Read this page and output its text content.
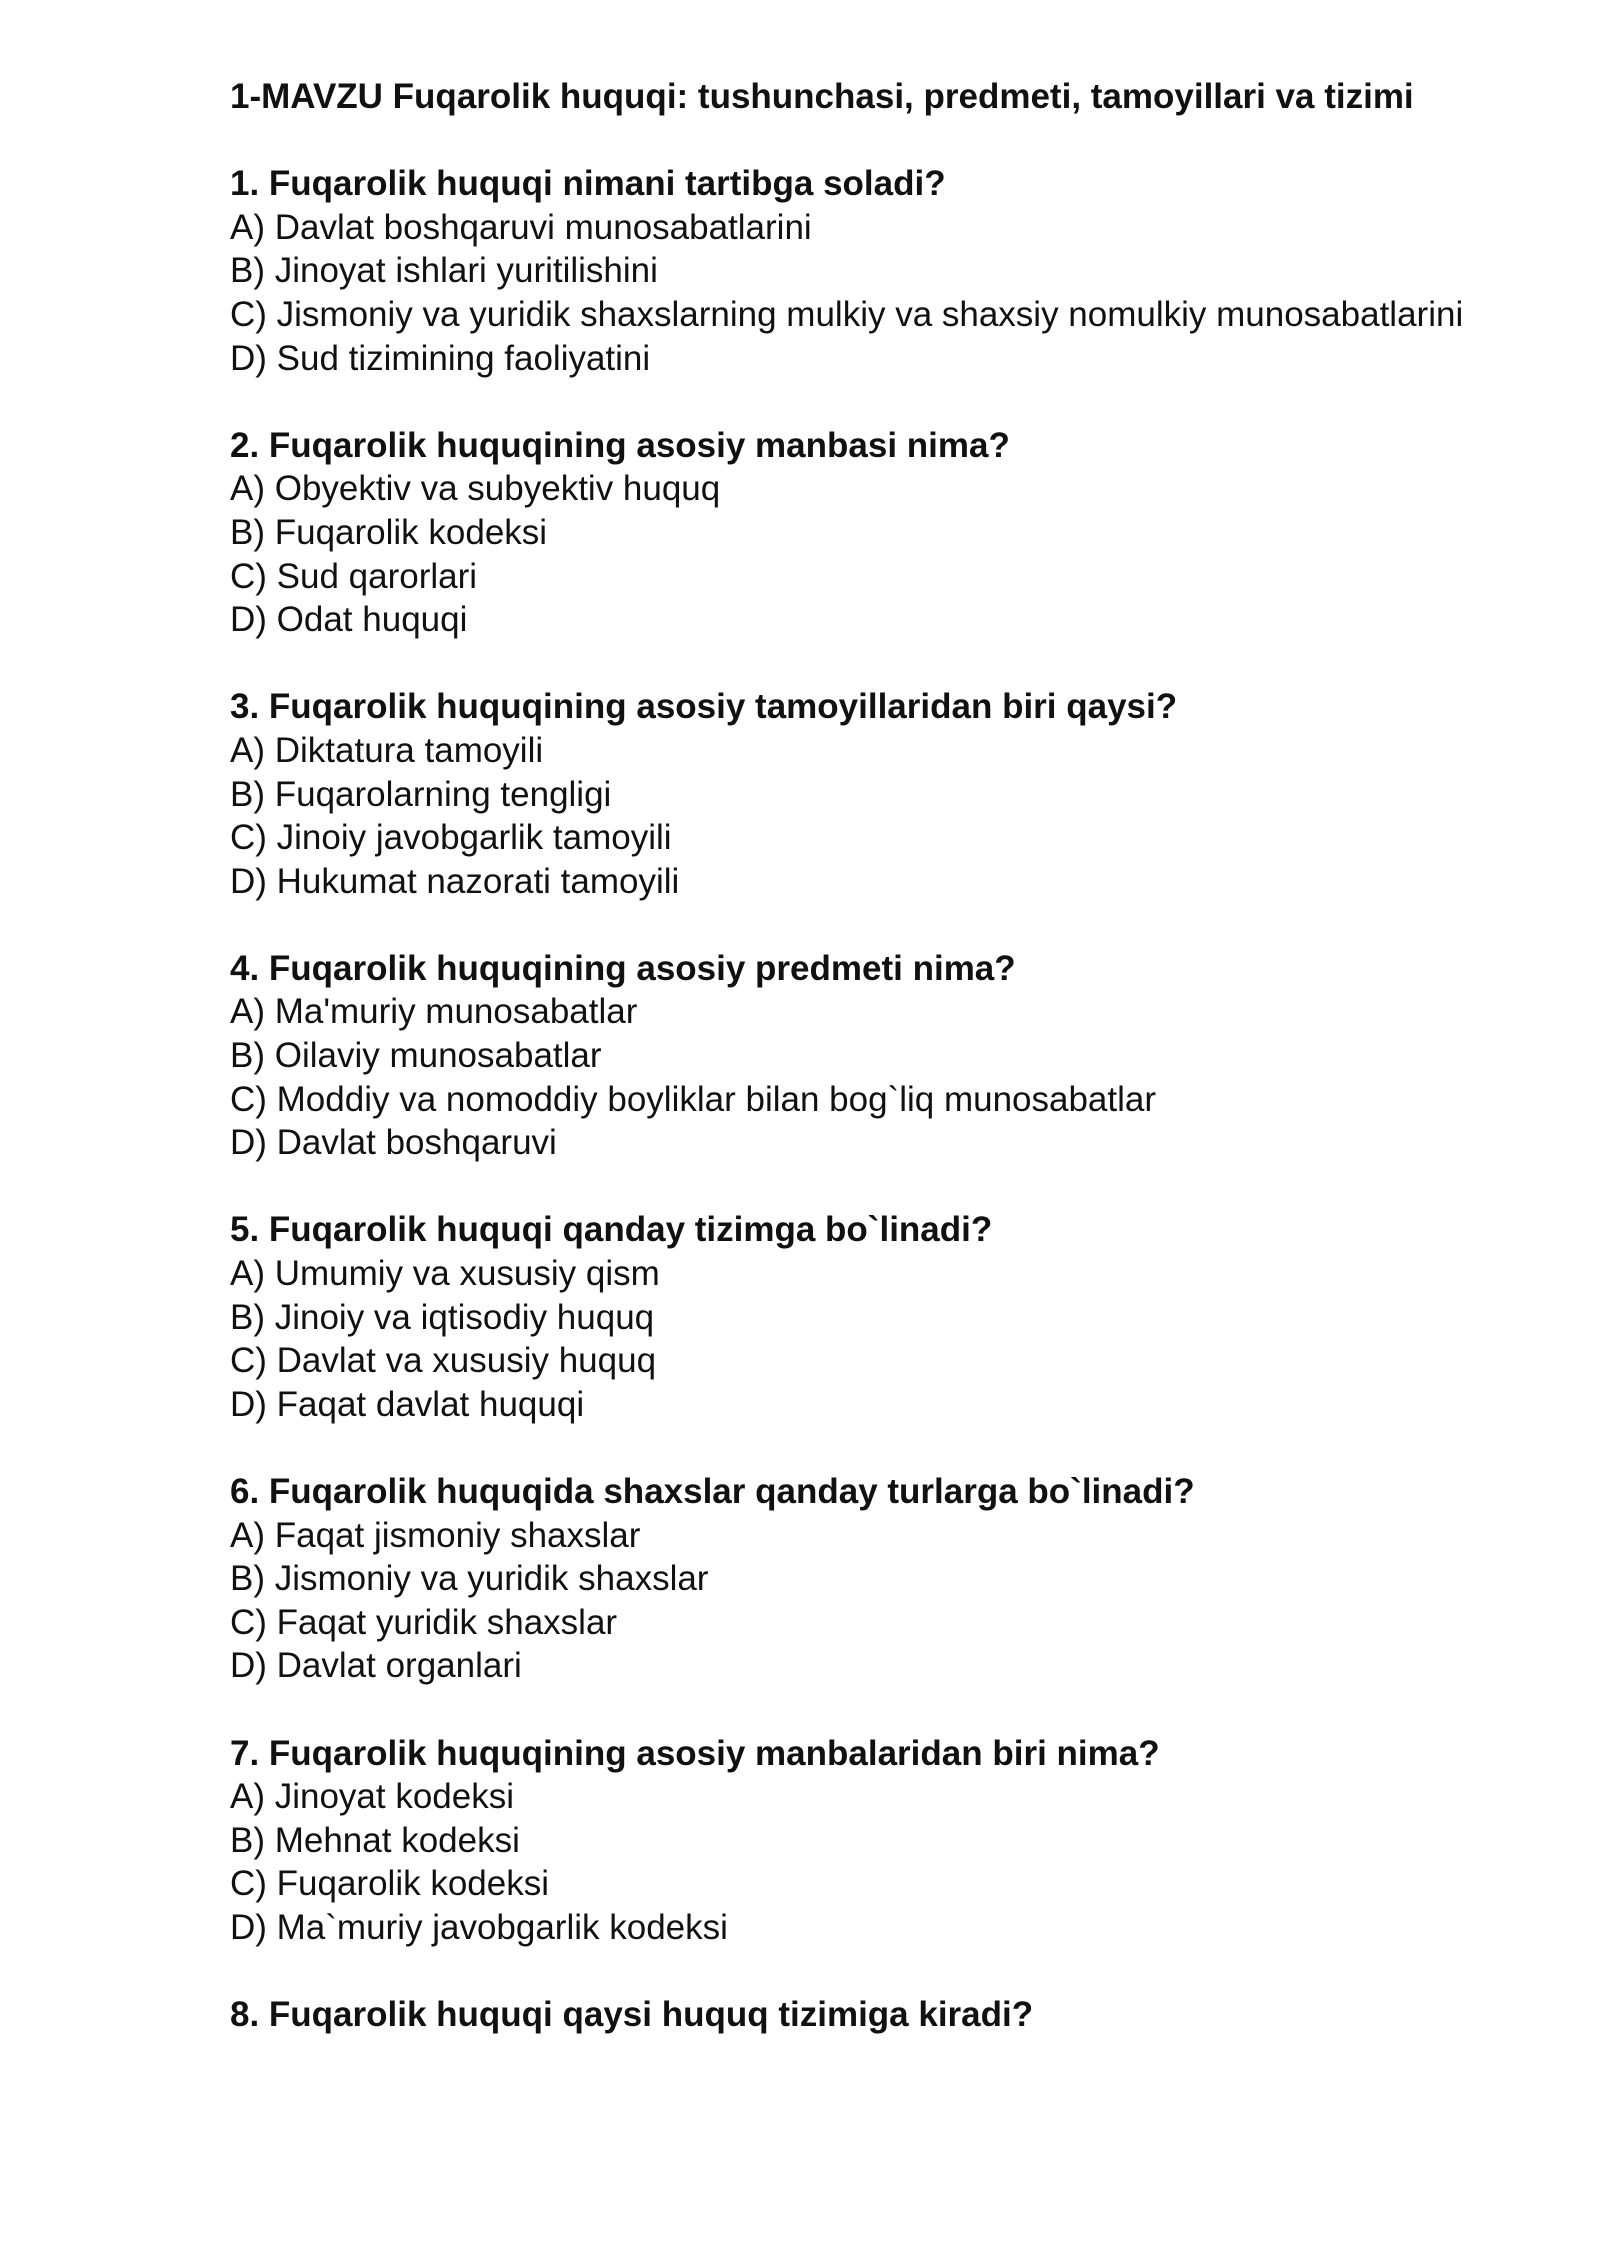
1-MAVZU Fuqarolik huquqi: tushunchasi, predmeti, tamoyillari va tizimi

1. Fuqarolik huquqi nimani tartibga soladi?

A) Davlat boshqaruvi munosabatlarini

B) Jinoyat ishlari yuritilishini

C) Jismoniy va yuridik shaxslarning mulkiy va shaxsiy nomulkiy munosabatlarini

D) Sud tizimining faoliyatini

2. Fuqarolik huquqining asosiy manbasi nima?

A) Obyektiv va subyektiv huquq

B) Fuqarolik kodeksi

C) Sud qarorlari

D) Odat huquqi

3. Fuqarolik huquqining asosiy tamoyillaridan biri qaysi?

A) Diktatura tamoyili

B) Fuqarolarning tengligi

C) Jinoiy javobgarlik tamoyili

D) Hukumat nazorati tamoyili

4. Fuqarolik huquqining asosiy predmeti nima?

A) Ma'muriy munosabatlar

B) Oilaviy munosabatlar

C) Moddiy va nomoddiy boyliklar bilan bog`liq munosabatlar

D) Davlat boshqaruvi

5. Fuqarolik huquqi qanday tizimga bo`linadi?

A) Umumiy va xususiy qism

B) Jinoiy va iqtisodiy huquq

C) Davlat va xususiy huquq

D) Faqat davlat huquqi

6. Fuqarolik huquqida shaxslar qanday turlarga bo`linadi?

A) Faqat jismoniy shaxslar

B) Jismoniy va yuridik shaxslar

C) Faqat yuridik shaxslar

D) Davlat organlari

7. Fuqarolik huquqining asosiy manbalaridan biri nima?

A) Jinoyat kodeksi

B) Mehnat kodeksi

C) Fuqarolik kodeksi

D) Ma`muriy javobgarlik kodeksi

8. Fuqarolik huquqi qaysi huquq tizimiga kiradi?
